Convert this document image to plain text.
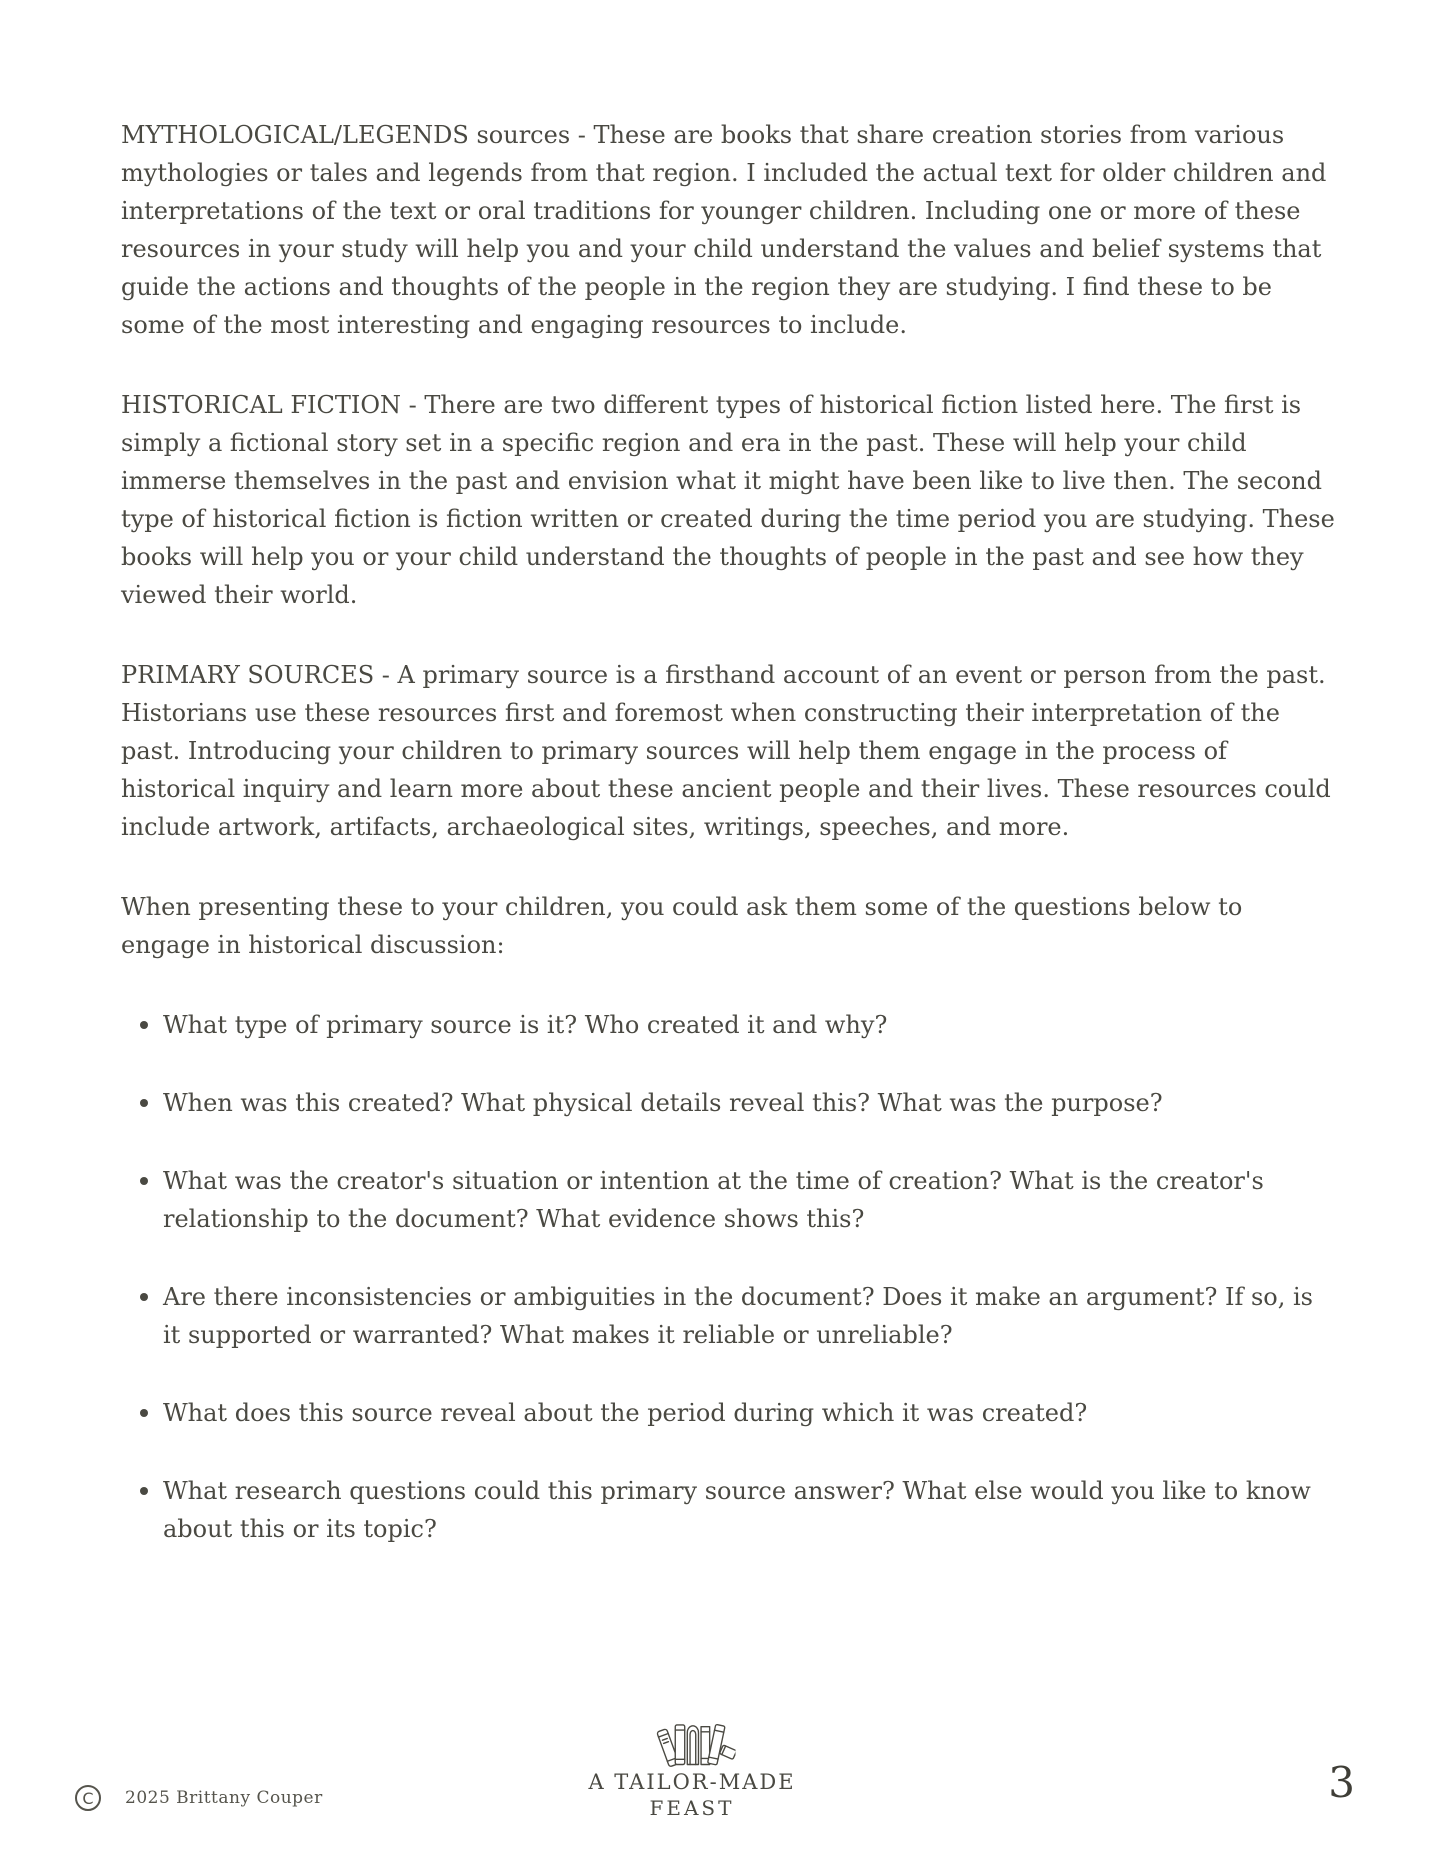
MYTHOLOGICAL/LEGENDS sources - These are books that share creation stories from various mythologies or tales and legends from that region. I included the actual text for older children and interpretations of the text or oral traditions for younger children. Including one or more of these resources in your study will help you and your child understand the values and belief systems that guide the actions and thoughts of the people in the region they are studying. I find these to be some of the most interesting and engaging resources to include.

HISTORICAL FICTION - There are two different types of historical fiction listed here. The first is simply a fictional story set in a specific region and era in the past. These will help your child immerse themselves in the past and envision what it might have been like to live then. The second type of historical fiction is fiction written or created during the time period you are studying. These books will help you or your child understand the thoughts of people in the past and see how they viewed their world.

PRIMARY SOURCES - A primary source is a firsthand account of an event or person from the past. Historians use these resources first and foremost when constructing their interpretation of the past. Introducing your children to primary sources will help them engage in the process of historical inquiry and learn more about these ancient people and their lives. These resources could include artwork, artifacts, archaeological sites, writings, speeches, and more.

When presenting these to your children, you could ask them some of the questions below to engage in historical discussion:

What type of primary source is it? Who created it and why?
When was this created? What physical details reveal this? What was the purpose?
What was the creator's situation or intention at the time of creation? What is the creator's relationship to the document? What evidence shows this?
Are there inconsistencies or ambiguities in the document? Does it make an argument? If so, is it supported or warranted? What makes it reliable or unreliable?
What does this source reveal about the period during which it was created?
What research questions could this primary source answer? What else would you like to know about this or its topic?
C	2025 Brittany Couper
A TAILOR-MADE
FEAST
3
